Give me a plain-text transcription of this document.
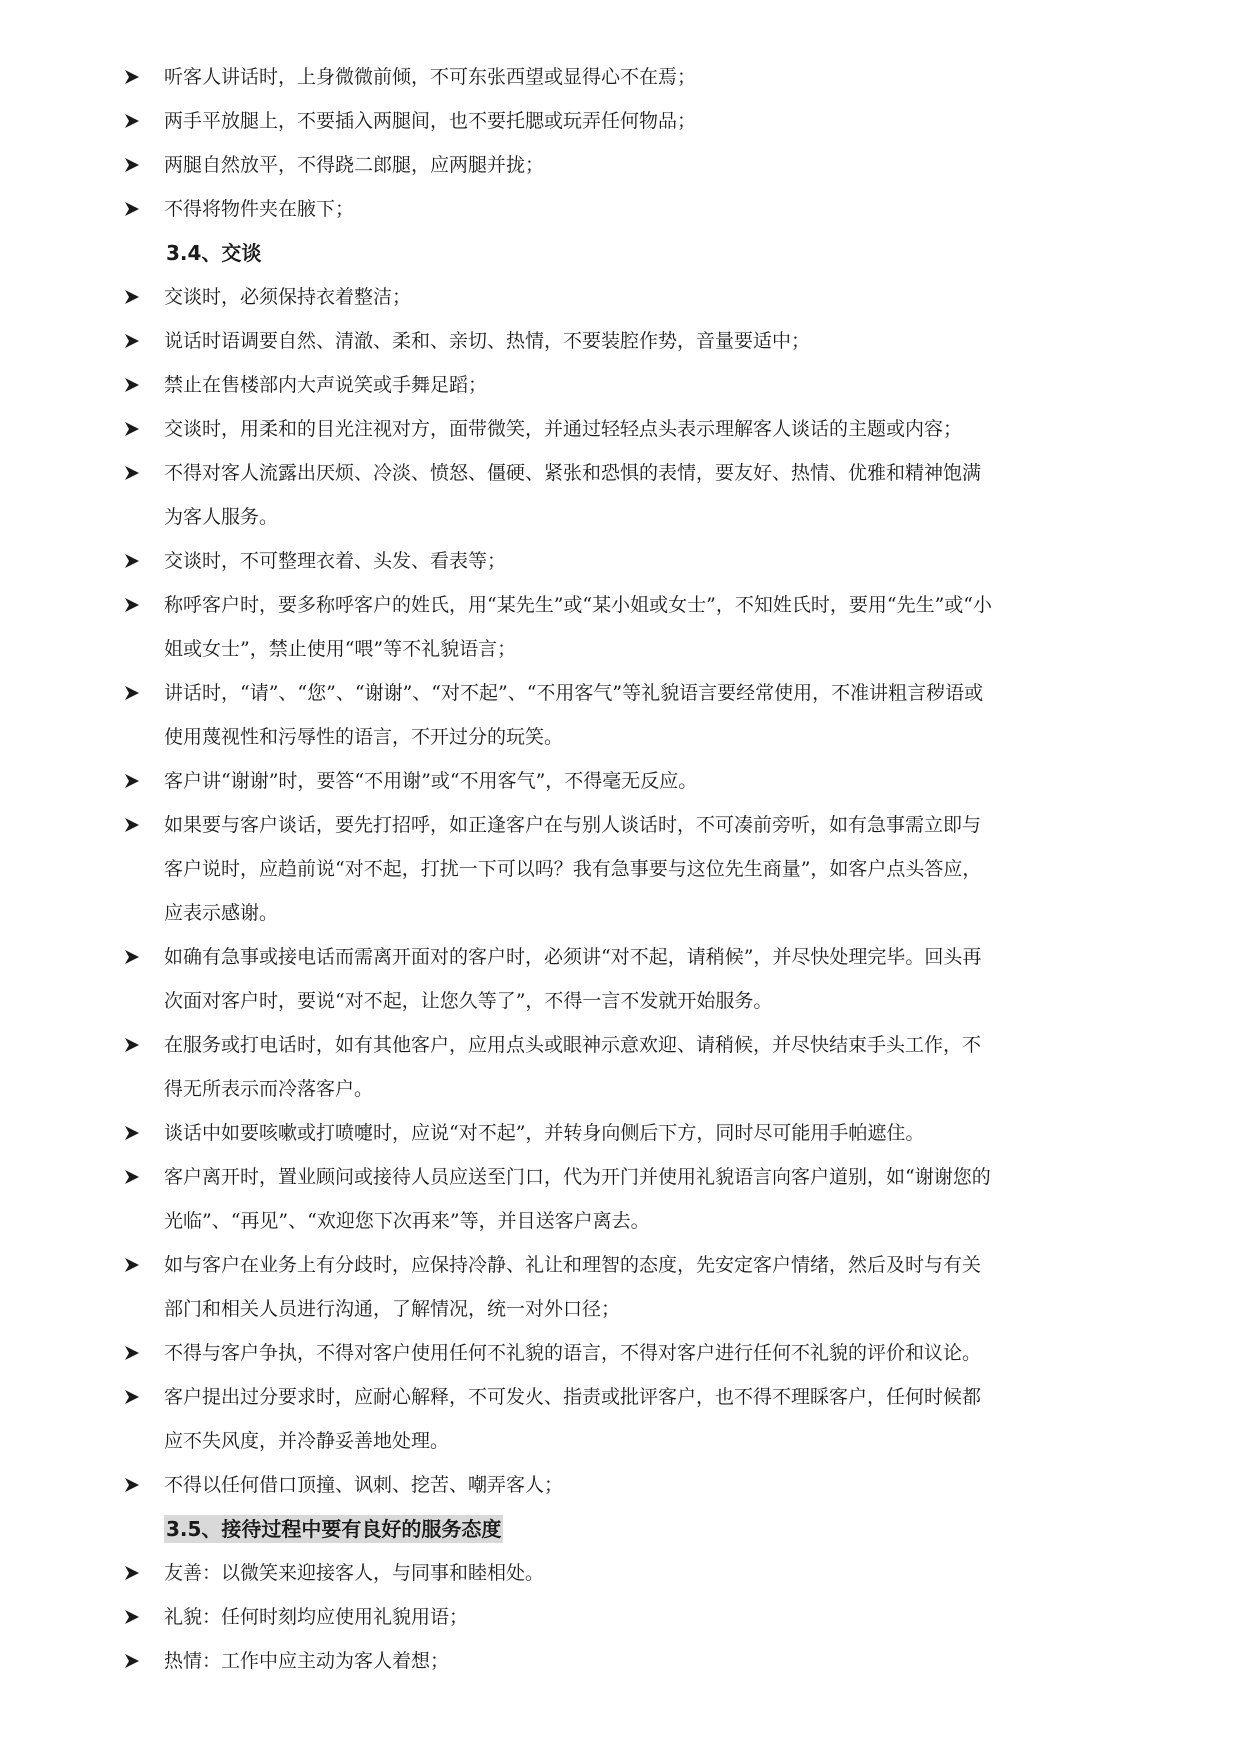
听客人讲话时，上身微微前倾，不可东张西望或显得心不在焉；
两手平放腿上，不要插入两腿间，也不要托腮或玩弄任何物品；
两腿自然放平，不得跷二郎腿，应两腿并拢；
不得将物件夹在腋下；
3.4、交谈
交谈时，必须保持衣着整洁；
说话时语调要自然、清澈、柔和、亲切、热情，不要装腔作势，音量要适中；
禁止在售楼部内大声说笑或手舞足蹈；
交谈时，用柔和的目光注视对方，面带微笑，并通过轻轻点头表示理解客人谈话的主题或内容；
不得对客人流露出厌烦、冷淡、愤怒、僵硬、紧张和恐惧的表情，要友好、热情、优雅和精神饱满
为客人服务。
交谈时，不可整理衣着、头发、看表等；
称呼客户时，要多称呼客户的姓氏，用“某先生”或“某小姐或女士”，不知姓氏时，要用“先生”或“小
姐或女士”，禁止使用“喂”等不礼貌语言；
讲话时，“请”、“您”、“谢谢”、“对不起”、“不用客气”等礼貌语言要经常使用，不准讲粗言秽语或
使用蔑视性和污辱性的语言，不开过分的玩笑。
客户讲“谢谢”时，要答“不用谢”或“不用客气”，不得毫无反应。
如果要与客户谈话，要先打招呼，如正逢客户在与别人谈话时，不可凑前旁听，如有急事需立即与
客户说时，应趋前说“对不起，打扰一下可以吗？我有急事要与这位先生商量”，如客户点头答应，
应表示感谢。
如确有急事或接电话而需离开面对的客户时，必须讲“对不起，请稍候”，并尽快处理完毕。回头再
次面对客户时，要说“对不起，让您久等了”，不得一言不发就开始服务。
在服务或打电话时，如有其他客户，应用点头或眼神示意欢迎、请稍候，并尽快结束手头工作，不
得无所表示而冷落客户。
谈话中如要咳嗽或打喷嚏时，应说“对不起”，并转身向侧后下方，同时尽可能用手帕遮住。
客户离开时，置业顾问或接待人员应送至门口，代为开门并使用礼貌语言向客户道别，如“谢谢您的
光临”、“再见”、“欢迎您下次再来”等，并目送客户离去。
如与客户在业务上有分歧时，应保持冷静、礼让和理智的态度，先安定客户情绪，然后及时与有关
部门和相关人员进行沟通，了解情况，统一对外口径；
不得与客户争执，不得对客户使用任何不礼貌的语言，不得对客户进行任何不礼貌的评价和议论。
客户提出过分要求时，应耐心解释，不可发火、指责或批评客户，也不得不理睬客户，任何时候都
应不失风度，并冷静妥善地处理。
不得以任何借口顶撞、讽刺、挖苦、嘲弄客人；
3.5、接待过程中要有良好的服务态度
友善：以微笑来迎接客人，与同事和睦相处。
礼貌：任何时刻均应使用礼貌用语；
热情：工作中应主动为客人着想；
